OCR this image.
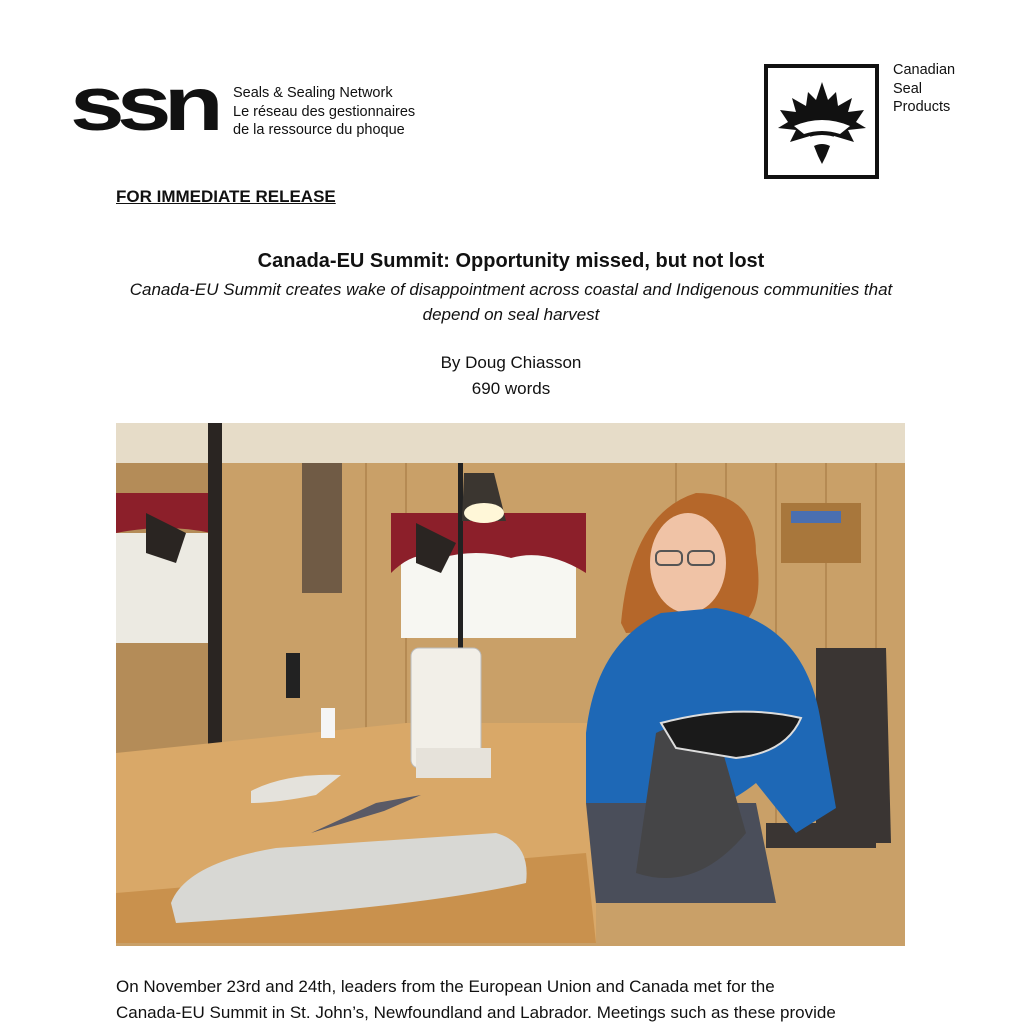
ssn Seals & Sealing Network
Le réseau des gestionnaires
de la ressource du phoque
Canadian
Seal
Products
FOR IMMEDIATE RELEASE
Canada-EU Summit: Opportunity missed, but not lost
Canada-EU Summit creates wake of disappointment across coastal and Indigenous communities that depend on seal harvest
By Doug Chiasson
690 words

On November 23rd and 24th, leaders from the European Union and Canada met for the

Canada-EU Summit in St. John’s, Newfoundland and Labrador. Meetings such as these provide
